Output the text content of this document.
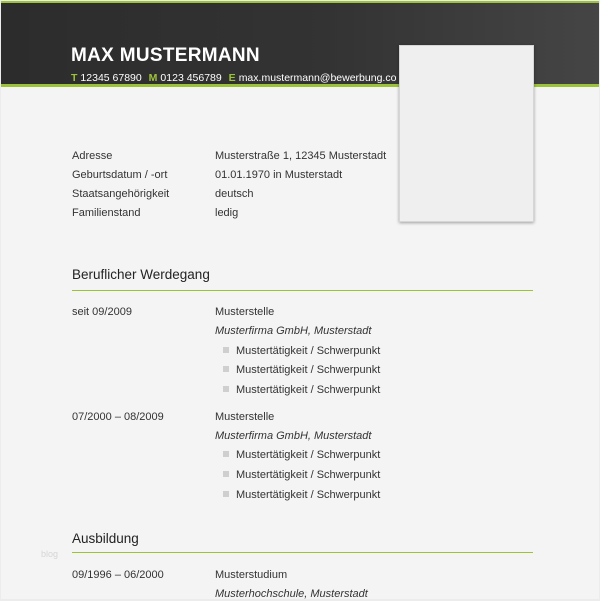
MAX MUSTERMANN
T 12345 67890 M 0123 456789 E max.mustermann@bewerbung.co
Adresse	Musterstraße 1, 12345 Musterstadt
Geburtsdatum / -ort	01.01.1970 in Musterstadt
Staatsangehörigkeit	deutsch
Familienstand	ledig
Beruflicher Werdegang
seit 09/2009	Musterstelle
Musterfirma GmbH, Musterstadt
Mustertätigkeit / Schwerpunkt
Mustertätigkeit / Schwerpunkt
Mustertätigkeit / Schwerpunkt
07/2000 – 08/2009	Musterstelle
Musterfirma GmbH, Musterstadt
Mustertätigkeit / Schwerpunkt
Mustertätigkeit / Schwerpunkt
Mustertätigkeit / Schwerpunkt
Ausbildung
blog
09/1996 – 06/2000	Musterstudium
Musterhochschule, Musterstadt
